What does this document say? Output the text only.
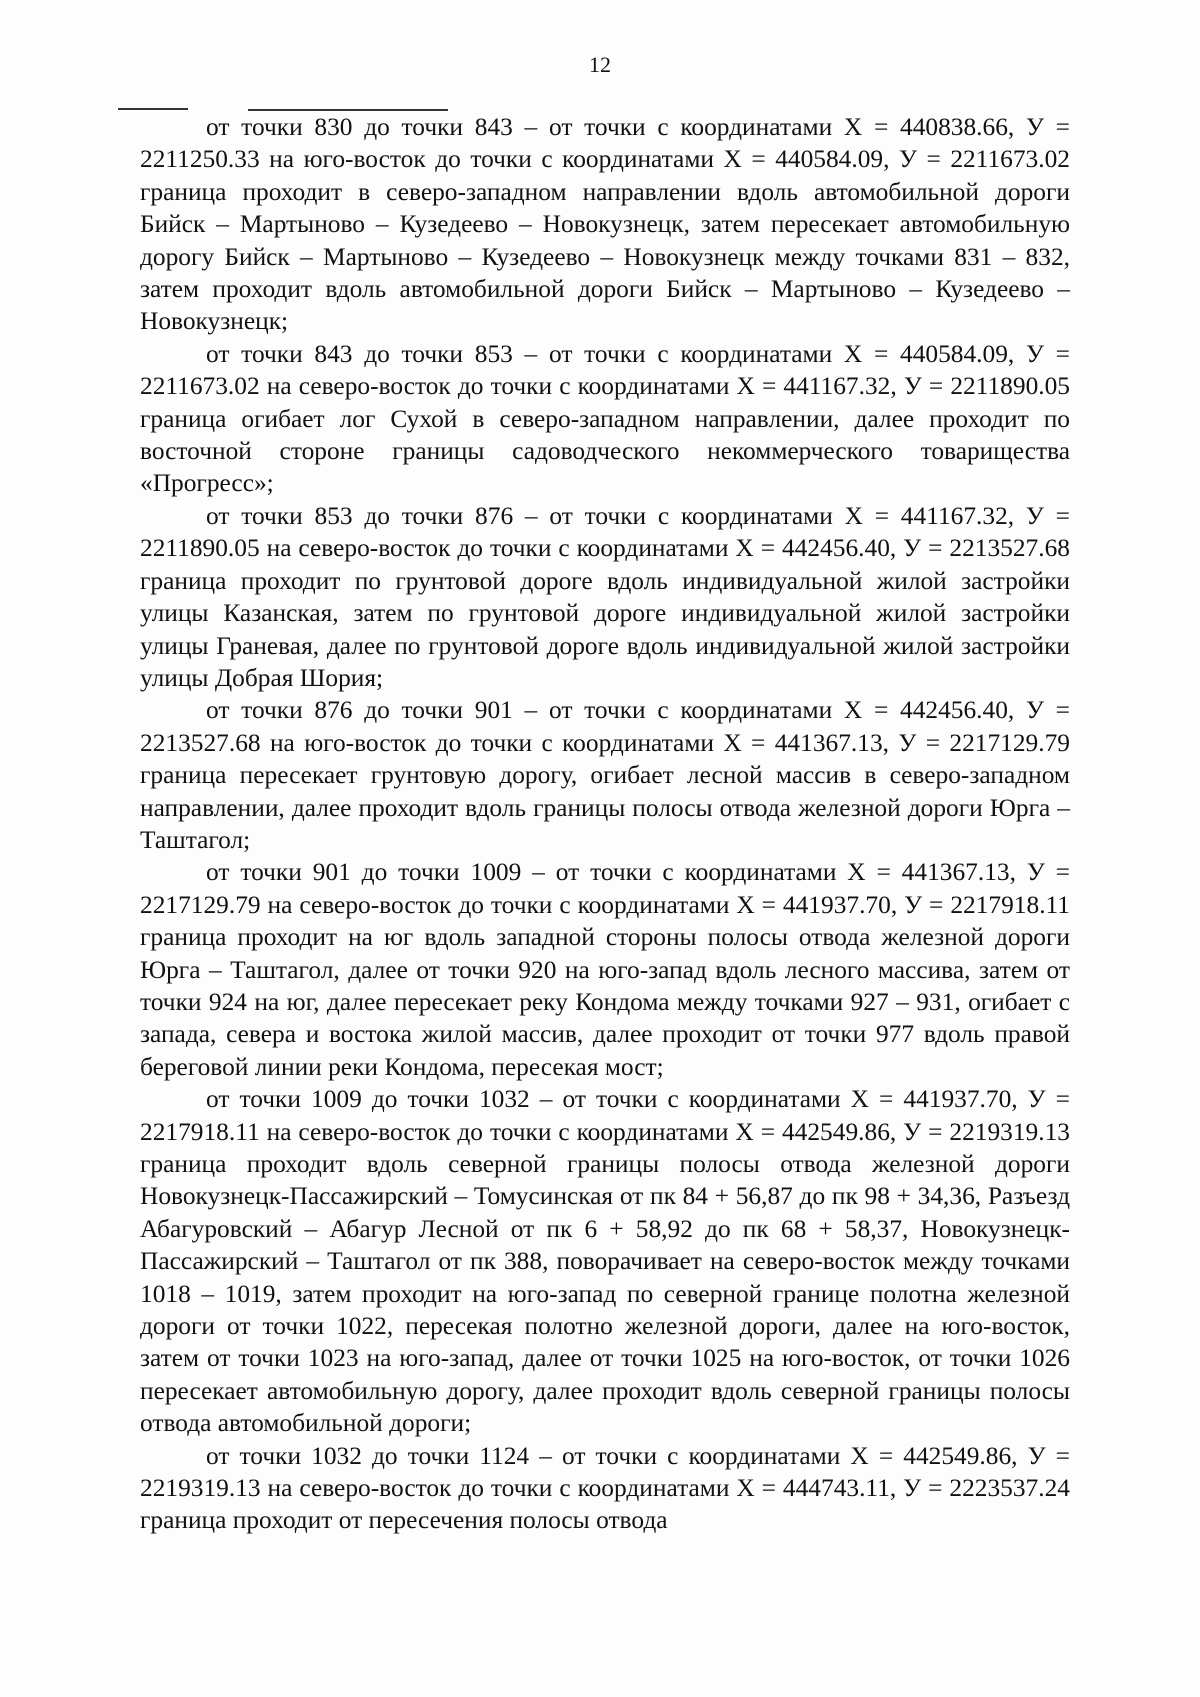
12

от точки 830 до точки 843 – от точки с координатами Х = 440838.66, У = 2211250.33 на юго-восток до точки с координатами Х = 440584.09, У = 2211673.02 граница проходит в северо-западном направлении вдоль автомобильной дороги Бийск – Мартыново – Кузедеево – Новокузнецк, затем пересекает автомобильную дорогу Бийск – Мартыново – Кузедеево – Новокузнецк между точками 831 – 832, затем проходит вдоль автомобильной дороги Бийск – Мартыново – Кузедеево – Новокузнецк;

от точки 843 до точки 853 – от точки с координатами Х = 440584.09, У = 2211673.02 на северо-восток до точки с координатами Х = 441167.32, У = 2211890.05 граница огибает лог Сухой в северо-западном направлении, далее проходит по восточной стороне границы садоводческого некоммерческого товарищества «Прогресс»;

от точки 853 до точки 876 – от точки с координатами Х = 441167.32, У = 2211890.05 на северо-восток до точки с координатами Х = 442456.40, У = 2213527.68 граница проходит по грунтовой дороге вдоль индивидуальной жилой застройки улицы Казанская, затем по грунтовой дороге индивидуальной жилой застройки улицы Граневая, далее по грунтовой дороге вдоль индивидуальной жилой застройки улицы Добрая Шория;

от точки 876 до точки 901 – от точки с координатами Х = 442456.40, У = 2213527.68 на юго-восток до точки с координатами Х = 441367.13, У = 2217129.79 граница пересекает грунтовую дорогу, огибает лесной массив в северо-западном направлении, далее проходит вдоль границы полосы отвода железной дороги Юрга – Таштагол;

от точки 901 до точки 1009 – от точки с координатами Х = 441367.13, У = 2217129.79 на северо-восток до точки с координатами Х = 441937.70, У = 2217918.11 граница проходит на юг вдоль западной стороны полосы отвода железной дороги Юрга – Таштагол, далее от точки 920 на юго-запад вдоль лесного массива, затем от точки 924 на юг, далее пересекает реку Кондома между точками 927 – 931, огибает с запада, севера и востока жилой массив, далее проходит от точки 977 вдоль правой береговой линии реки Кондома, пересекая мост;

от точки 1009 до точки 1032 – от точки с координатами Х = 441937.70, У = 2217918.11 на северо-восток до точки с координатами Х = 442549.86, У = 2219319.13 граница проходит вдоль северной границы полосы отвода железной дороги Новокузнецк-Пассажирский – Томусинская от пк 84 + 56,87 до пк 98 + 34,36, Разъезд Абагуровский – Абагур Лесной от пк 6 + 58,92 до пк 68 + 58,37, Новокузнецк-Пассажирский – Таштагол от пк 388, поворачивает на северо-восток между точками 1018 – 1019, затем проходит на юго-запад по северной границе полотна железной дороги от точки 1022, пересекая полотно железной дороги, далее на юго-восток, затем от точки 1023 на юго-запад, далее от точки 1025 на юго-восток, от точки 1026 пересекает автомобильную дорогу, далее проходит вдоль северной границы полосы отвода автомобильной дороги;

от точки 1032 до точки 1124 – от точки с координатами Х = 442549.86, У = 2219319.13 на северо-восток до точки с координатами Х = 444743.11, У = 2223537.24 граница проходит от пересечения полосы отвода
